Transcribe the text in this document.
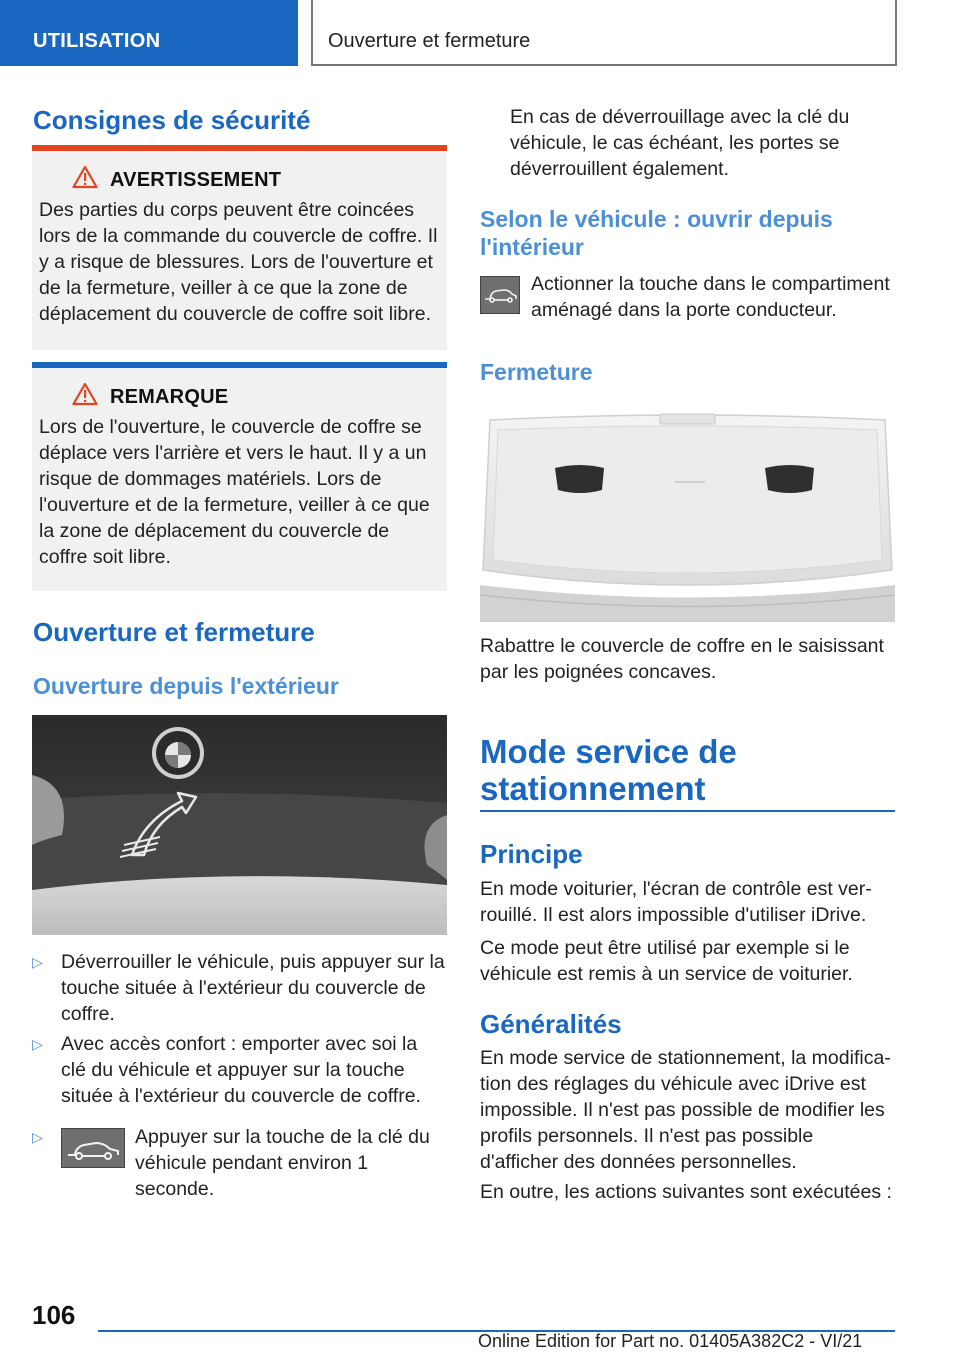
UTILISATION	Ouverture et fermeture
Consignes de sécurité
AVERTISSEMENT

Des parties du corps peuvent être coincées lors de la commande du couvercle de coffre. Il y a risque de blessures. Lors de l'ouverture et de la fermeture, veiller à ce que la zone de déplacement du couvercle de coffre soit libre.

REMARQUE

Lors de l'ouverture, le couvercle de coffre se déplace vers l'arrière et vers le haut. Il y a un risque de dommages matériels. Lors de l'ouverture et de la fermeture, veiller à ce que la zone de déplacement du couvercle de coffre soit libre.

Ouverture et fermeture
Ouverture depuis l'extérieur
▷ Déverrouiller le véhicule, puis appuyer sur la touche située à l'extérieur du couvercle de coffre.

▷ Avec accès confort : emporter avec soi la clé du véhicule et appuyer sur la touche située à l'extérieur du couvercle de coffre.

▷	Appuyer sur la touche de la clé du véhicule pendant environ 1 seconde.

En cas de déverrouillage avec la clé du véhicule, le cas échéant, les portes se déverrouillent également.

Selon le véhicule : ouvrir depuis l'intérieur

Actionner la touche dans le compartiment aménagé dans la porte conducteur.

Fermeture

Rabattre le couvercle de coffre en le saisissant par les poignées concaves.

Mode service de
stationnement
Principe

En mode voiturier, l'écran de contrôle est verrouillé. Il est alors impossible d'utiliser iDrive.

Ce mode peut être utilisé par exemple si le véhicule est remis à un service de voiturier.

Généralités

En mode service de stationnement, la modification des réglages du véhicule avec iDrive est impossible. Il n'est pas possible de modifier les profils personnels. Il n'est pas possible d'afficher des données personnelles.

En outre, les actions suivantes sont exécutées :

106
Online Edition for Part no. 01405A382C2 - VI/21
